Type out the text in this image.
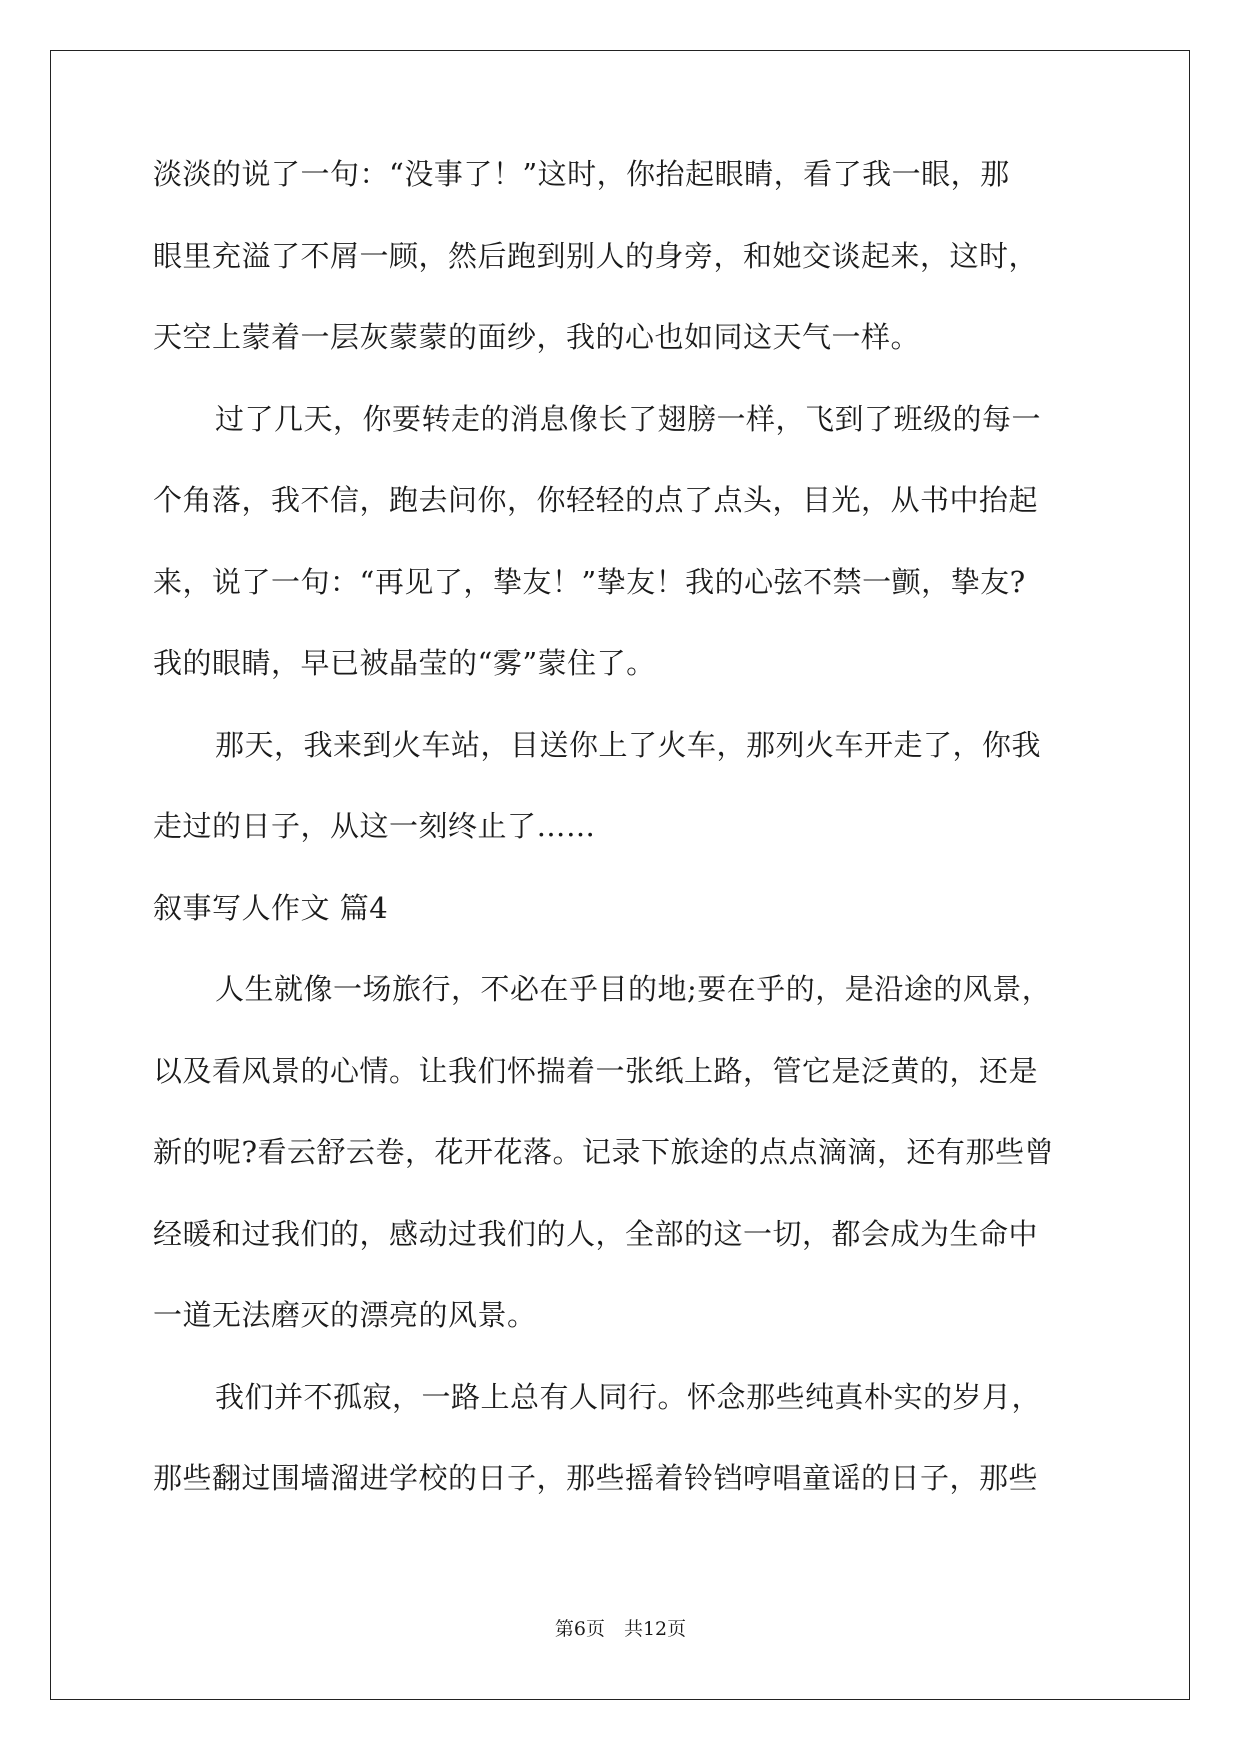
淡淡的说了一句：“没事了！”这时，你抬起眼睛，看了我一眼，那
眼里充溢了不屑一顾，然后跑到别人的身旁，和她交谈起来，这时，
天空上蒙着一层灰蒙蒙的面纱，我的心也如同这天气一样。
过了几天，你要转走的消息像长了翅膀一样，飞到了班级的每一
个角落，我不信，跑去问你，你轻轻的点了点头，目光，从书中抬起
来，说了一句：“再见了，挚友！”挚友！我的心弦不禁一颤，挚友?
我的眼睛，早已被晶莹的“雾”蒙住了。
那天，我来到火车站，目送你上了火车，那列火车开走了，你我
走过的日子，从这一刻终止了……
叙事写人作文 篇4
人生就像一场旅行，不必在乎目的地;要在乎的，是沿途的风景，
以及看风景的心情。让我们怀揣着一张纸上路，管它是泛黄的，还是
新的呢?看云舒云卷，花开花落。记录下旅途的点点滴滴，还有那些曾
经暖和过我们的，感动过我们的人，全部的这一切，都会成为生命中
一道无法磨灭的漂亮的风景。
我们并不孤寂，一路上总有人同行。怀念那些纯真朴实的岁月，
那些翻过围墙溜进学校的日子，那些摇着铃铛哼唱童谣的日子，那些
第6页　共12页
